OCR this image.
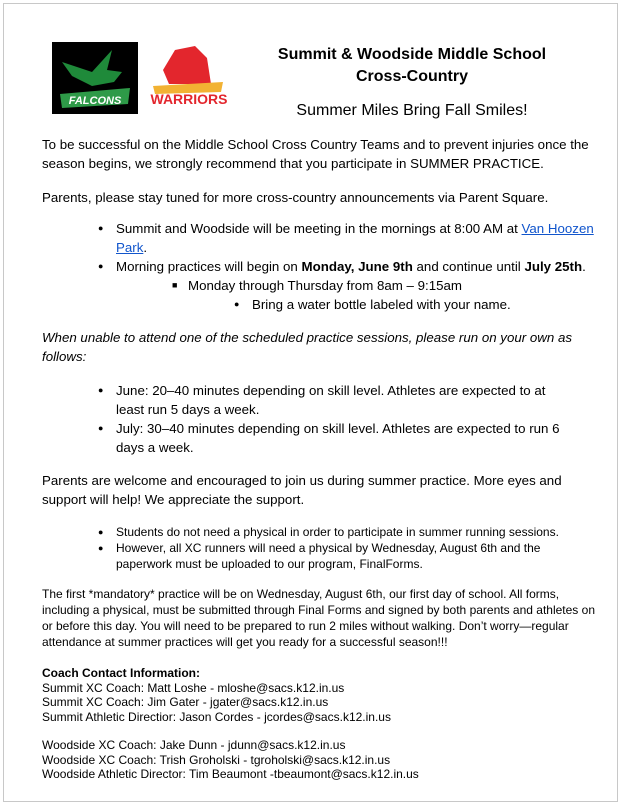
FALCONS WARRIORS
Summit & Woodside Middle School
Cross-Country
Summer Miles Bring Fall Smiles!

To be successful on the Middle School Cross Country Teams and to prevent injuries once the season begins, we strongly recommend that you participate in SUMMER PRACTICE.

Parents, please stay tuned for more cross-country announcements via Parent Square.

● Summit and Woodside will be meeting in the mornings at 8:00 AM at Van Hoozen Park.
● Morning practices will begin on Monday, June 9th and continue until July 25th.
■ Monday through Thursday from 8am – 9:15am
● Bring a water bottle labeled with your name.

When unable to attend one of the scheduled practice sessions, please run on your own as follows:

● June: 20–40 minutes depending on skill level. Athletes are expected to at least run 5 days a week.
● July: 30–40 minutes depending on skill level. Athletes are expected to run 6 days a week.

Parents are welcome and encouraged to join us during summer practice. More eyes and support will help! We appreciate the support.

● Students do not need a physical in order to participate in summer running sessions.
● However, all XC runners will need a physical by Wednesday, August 6th and the paperwork must be uploaded to our program, FinalForms.

The first *mandatory* practice will be on Wednesday, August 6th, our first day of school. All forms, including a physical, must be submitted through Final Forms and signed by both parents and athletes on or before this day. You will need to be prepared to run 2 miles without walking. Don’t worry—regular attendance at summer practices will get you ready for a successful season!!!

Coach Contact Information:
Summit XC Coach: Matt Loshe - mloshe@sacs.k12.in.us
Summit XC Coach: Jim Gater - jgater@sacs.k12.in.us
Summit Athletic Directior: Jason Cordes - jcordes@sacs.k12.in.us
Woodside XC Coach: Jake Dunn - jdunn@sacs.k12.in.us
Woodside XC Coach: Trish Groholski - tgroholski@sacs.k12.in.us
Woodside Athletic Director: Tim Beaumont -tbeaumont@sacs.k12.in.us
